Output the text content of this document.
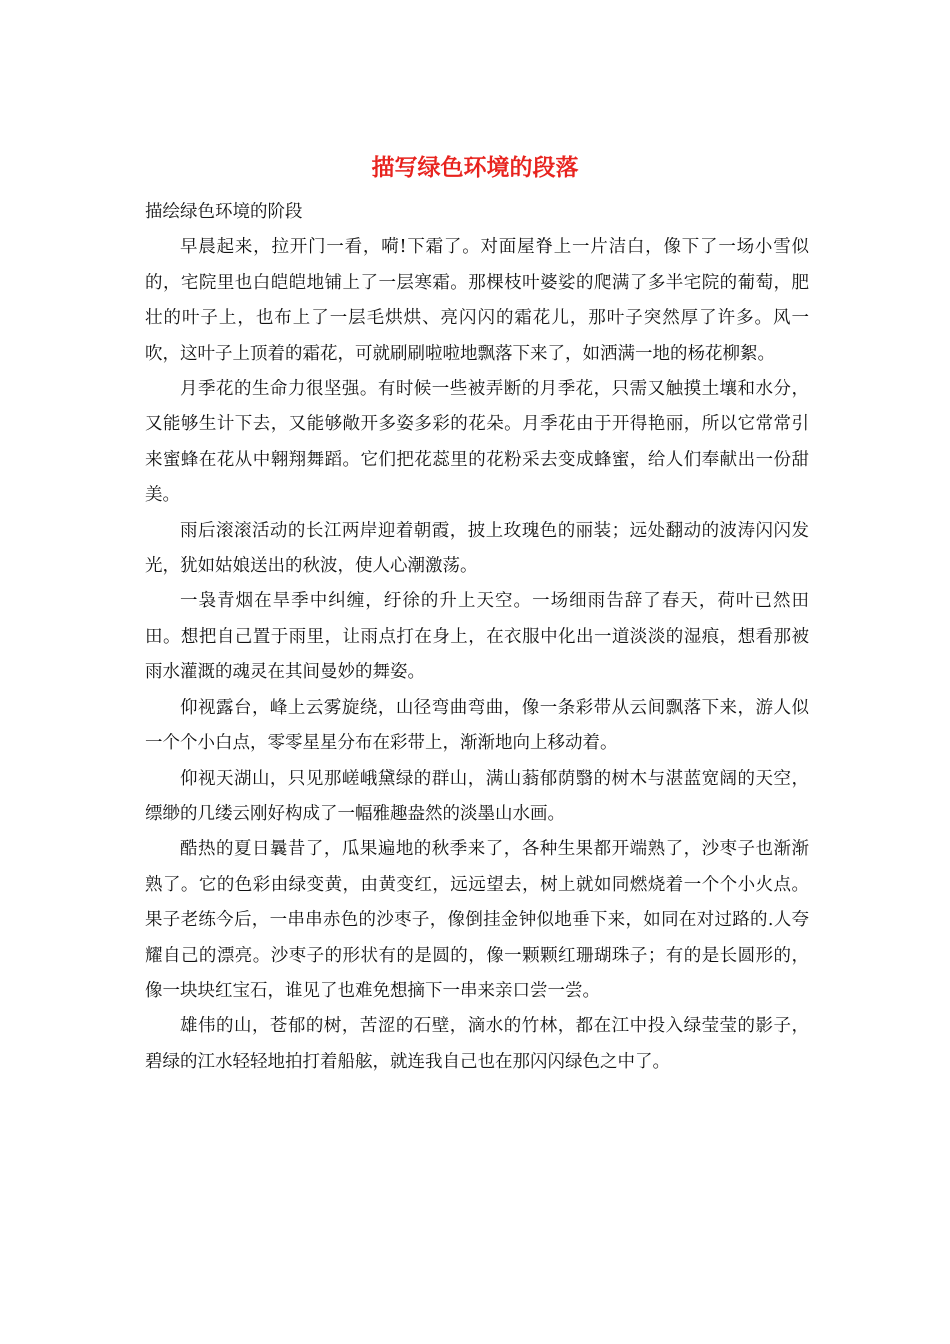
描写绿色环境的段落

描绘绿色环境的阶段

早晨起来，拉开门一看，嗬!下霜了。对面屋脊上一片洁白，像下了一场小雪似的，宅院里也白皑皑地铺上了一层寒霜。那棵枝叶婆娑的爬满了多半宅院的葡萄，肥壮的叶子上，也布上了一层毛烘烘、亮闪闪的霜花儿，那叶子突然厚了许多。风一吹，这叶子上顶着的霜花，可就刷刷啦啦地飘落下来了，如洒满一地的杨花柳絮。

月季花的生命力很坚强。有时候一些被弄断的月季花，只需又触摸土壤和水分，又能够生计下去，又能够敞开多姿多彩的花朵。月季花由于开得艳丽，所以它常常引来蜜蜂在花从中翱翔舞蹈。它们把花蕊里的花粉采去变成蜂蜜，给人们奉献出一份甜美。

雨后滚滚活动的长江两岸迎着朝霞，披上玫瑰色的丽装；远处翻动的波涛闪闪发光，犹如姑娘送出的秋波，使人心潮激荡。

一袅青烟在旱季中纠缠，纡徐的升上天空。一场细雨告辞了春天，荷叶已然田田。想把自己置于雨里，让雨点打在身上，在衣服中化出一道淡淡的湿痕，想看那被雨水灌溉的魂灵在其间曼妙的舞姿。

仰视露台，峰上云雾旋绕，山径弯曲弯曲，像一条彩带从云间飘落下来，游人似一个个小白点，零零星星分布在彩带上，渐渐地向上移动着。

仰视天湖山，只见那嵯峨黛绿的群山，满山蓊郁荫翳的树木与湛蓝宽阔的天空，缥缈的几缕云刚好构成了一幅雅趣盎然的淡墨山水画。

酷热的夏日曩昔了，瓜果遍地的秋季来了，各种生果都开端熟了，沙枣子也渐渐熟了。它的色彩由绿变黄，由黄变红，远远望去，树上就如同燃烧着一个个小火点。果子老练今后，一串串赤色的沙枣子，像倒挂金钟似地垂下来，如同在对过路的.人夸耀自己的漂亮。沙枣子的形状有的是圆的，像一颗颗红珊瑚珠子；有的是长圆形的，像一块块红宝石，谁见了也难免想摘下一串来亲口尝一尝。

雄伟的山，苍郁的树，苦涩的石壁，滴水的竹林，都在江中投入绿莹莹的影子，碧绿的江水轻轻地拍打着船舷，就连我自己也在那闪闪绿色之中了。
